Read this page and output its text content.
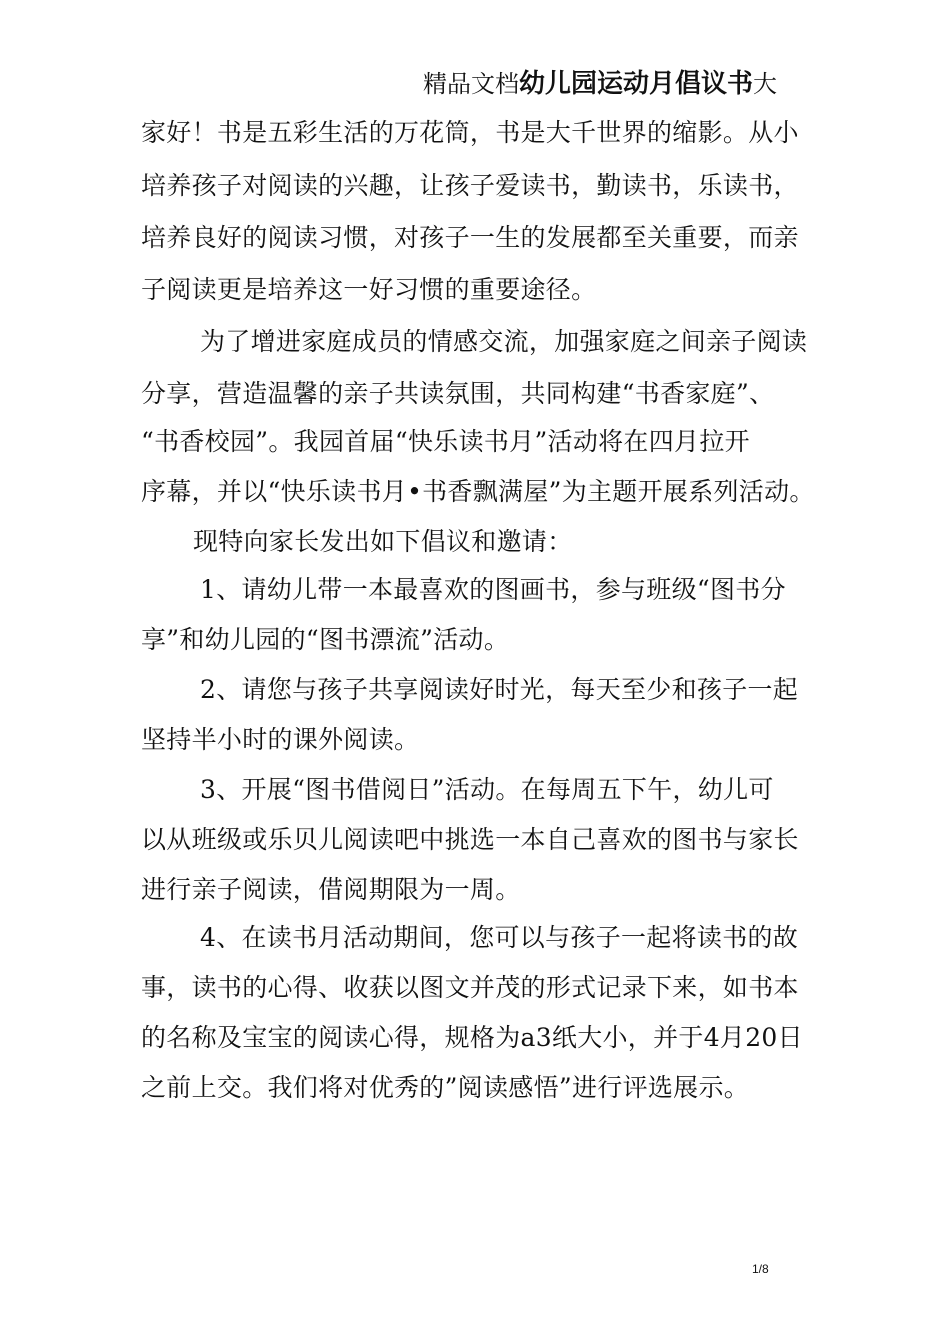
精品文档幼儿园运动月倡议书大
家好！书是五彩生活的万花筒，书是大千世界的缩影。从小
培养孩子对阅读的兴趣，让孩子爱读书，勤读书，乐读书，
培养良好的阅读习惯，对孩子一生的发展都至关重要，而亲
子阅读更是培养这一好习惯的重要途径。
为了增进家庭成员的情感交流，加强家庭之间亲子阅读
分享，营造温馨的亲子共读氛围，共同构建“书香家庭”、
“书香校园”。我园首届“快乐读书月”活动将在四月拉开
序幕，并以“快乐读书月•书香飘满屋”为主题开展系列活动。
现特向家长发出如下倡议和邀请：
1、请幼儿带一本最喜欢的图画书，参与班级“图书分
享”和幼儿园的“图书漂流”活动。
2、请您与孩子共享阅读好时光，每天至少和孩子一起
坚持半小时的课外阅读。
3、开展“图书借阅日”活动。在每周五下午，幼儿可
以从班级或乐贝儿阅读吧中挑选一本自己喜欢的图书与家长
进行亲子阅读，借阅期限为一周。
4、在读书月活动期间，您可以与孩子一起将读书的故
事，读书的心得、收获以图文并茂的形式记录下来，如书本
的名称及宝宝的阅读心得，规格为a3纸大小，并于4月20日
之前上交。我们将对优秀的”阅读感悟”进行评选展示。
1/8
